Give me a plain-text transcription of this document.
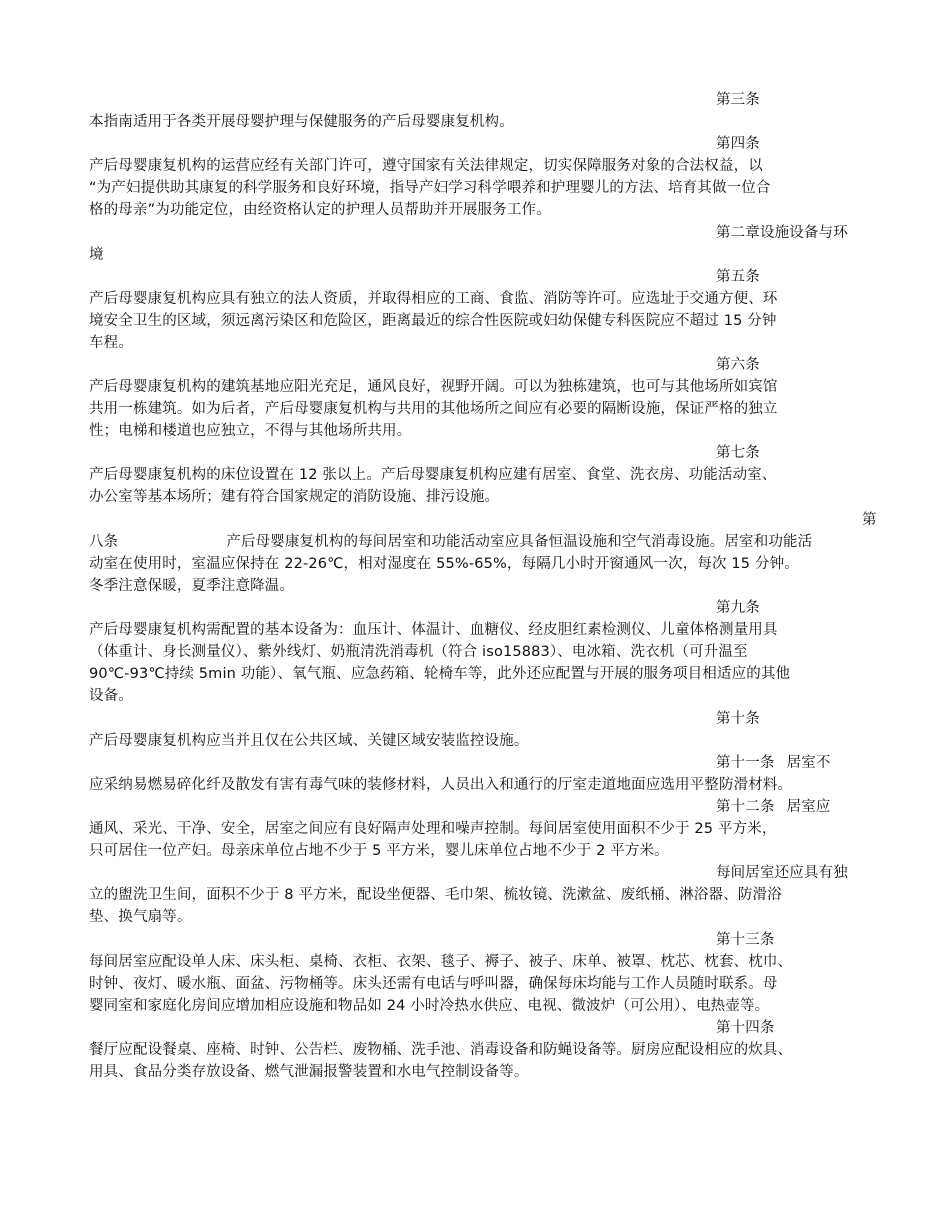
第三条
本指南适用于各类开展母婴护理与保健服务的产后母婴康复机构。
第四条
产后母婴康复机构的运营应经有关部门许可，遵守国家有关法律规定，切实保障服务对象的合法权益，以
“为产妇提供助其康复的科学服务和良好环境，指导产妇学习科学喂养和护理婴儿的方法、培育其做一位合
格的母亲”为功能定位，由经资格认定的护理人员帮助并开展服务工作。
第二章设施设备与环
境
第五条
产后母婴康复机构应具有独立的法人资质，并取得相应的工商、食监、消防等许可。应选址于交通方便、环
境安全卫生的区域，须远离污染区和危险区，距离最近的综合性医院或妇幼保健专科医院应不超过 15 分钟
车程。
第六条
产后母婴康复机构的建筑基地应阳光充足，通风良好，视野开阔。可以为独栋建筑，也可与其他场所如宾馆
共用一栋建筑。如为后者，产后母婴康复机构与共用的其他场所之间应有必要的隔断设施，保证严格的独立
性；电梯和楼道也应独立，不得与其他场所共用。
第七条
产后母婴康复机构的床位设置在 12 张以上。产后母婴康复机构应建有居室、食堂、洗衣房、功能活动室、
办公室等基本场所；建有符合国家规定的消防设施、排污设施。
第
八条	产后母婴康复机构的每间居室和功能活动室应具备恒温设施和空气消毒设施。居室和功能活
动室在使用时，室温应保持在 22-26℃，相对湿度在 55%-65%，每隔几小时开窗通风一次，每次 15 分钟。
冬季注意保暖，夏季注意降温。
第九条
产后母婴康复机构需配置的基本设备为：血压计、体温计、血糖仪、经皮胆红素检测仪、儿童体格测量用具
（体重计、身长测量仪）、紫外线灯、奶瓶清洗消毒机（符合 iso15883）、电冰箱、洗衣机（可升温至
90℃-93℃持续 5min 功能）、氧气瓶、应急药箱、轮椅车等，此外还应配置与开展的服务项目相适应的其他
设备。
第十条
产后母婴康复机构应当并且仅在公共区域、关键区域安装监控设施。
第十一条 居室不
应采纳易燃易碎化纤及散发有害有毒气味的装修材料，人员出入和通行的厅室走道地面应选用平整防滑材料。
第十二条 居室应
通风、采光、干净、安全，居室之间应有良好隔声处理和噪声控制。每间居室使用面积不少于 25 平方米，
只可居住一位产妇。母亲床单位占地不少于 5 平方米，婴儿床单位占地不少于 2 平方米。
每间居室还应具有独
立的盥洗卫生间，面积不少于 8 平方米，配设坐便器、毛巾架、梳妆镜、洗漱盆、废纸桶、淋浴器、防滑浴
垫、换气扇等。
第十三条
每间居室应配设单人床、床头柜、桌椅、衣柜、衣架、毯子、褥子、被子、床单、被罩、枕芯、枕套、枕巾、
时钟、夜灯、暖水瓶、面盆、污物桶等。床头还需有电话与呼叫器，确保每床均能与工作人员随时联系。母
婴同室和家庭化房间应增加相应设施和物品如 24 小时冷热水供应、电视、微波炉（可公用）、电热壶等。
第十四条
餐厅应配设餐桌、座椅、时钟、公告栏、废物桶、洗手池、消毒设备和防蝇设备等。厨房应配设相应的炊具、
用具、食品分类存放设备、燃气泄漏报警装置和水电气控制设备等。
